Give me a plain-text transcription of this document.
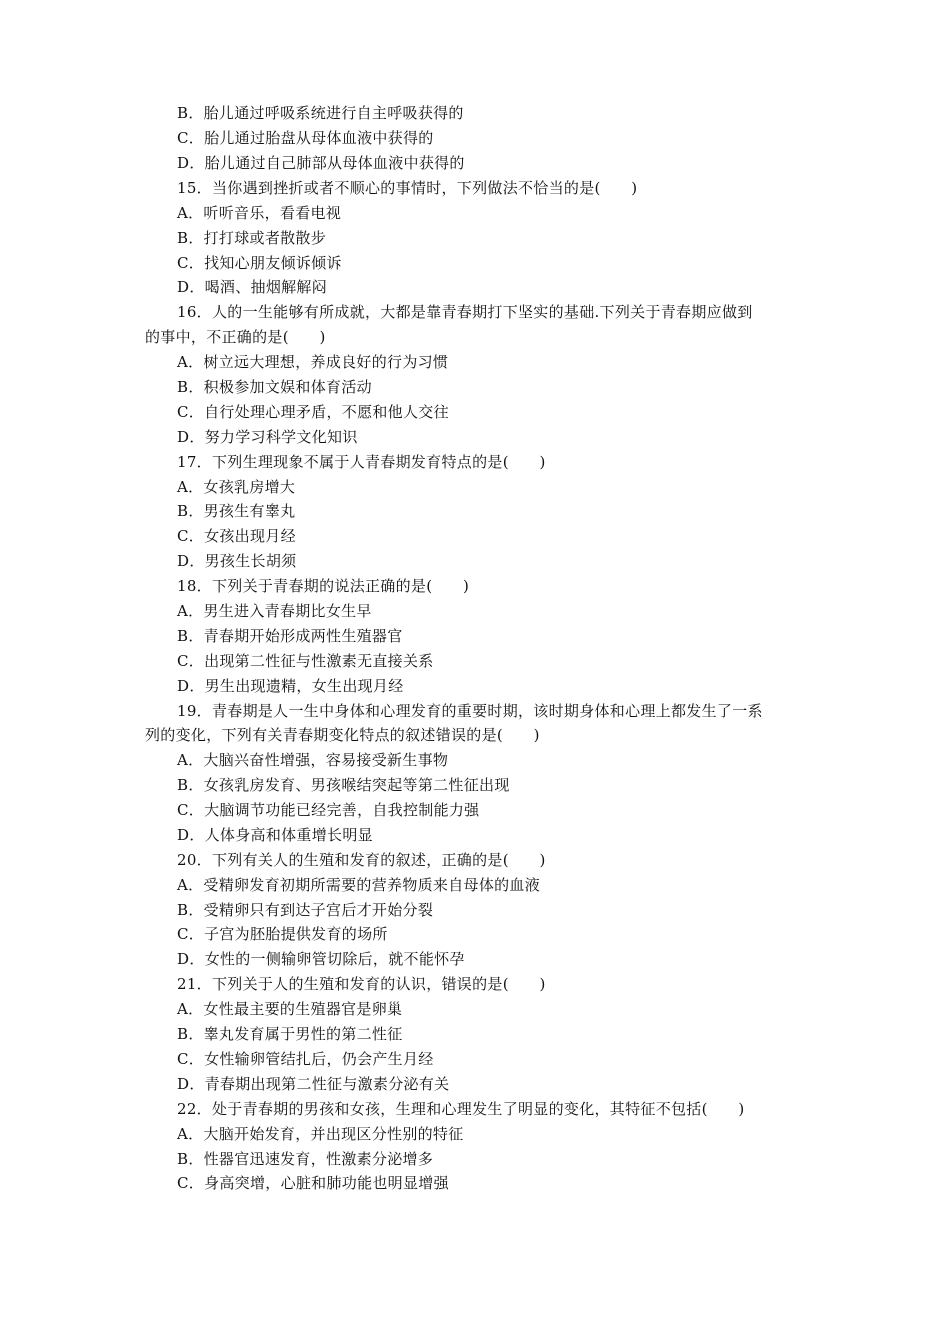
B．胎儿通过呼吸系统进行自主呼吸获得的
C．胎儿通过胎盘从母体血液中获得的
D．胎儿通过自己肺部从母体血液中获得的
15．当你遇到挫折或者不顺心的事情时，下列做法不恰当的是(　　)
A．听听音乐，看看电视
B．打打球或者散散步
C．找知心朋友倾诉倾诉
D．喝酒、抽烟解解闷
16．人的一生能够有所成就，大都是靠青春期打下坚实的基础.下列关于青春期应做到
的事中，不正确的是(　　)
A．树立远大理想，养成良好的行为习惯
B．积极参加文娱和体育活动
C．自行处理心理矛盾，不愿和他人交往
D．努力学习科学文化知识
17．下列生理现象不属于人青春期发育特点的是(　　)
A．女孩乳房增大
B．男孩生有睾丸
C．女孩出现月经
D．男孩生长胡须
18．下列关于青春期的说法正确的是(　　)
A．男生进入青春期比女生早
B．青春期开始形成两性生殖器官
C．出现第二性征与性激素无直接关系
D．男生出现遗精，女生出现月经
19．青春期是人一生中身体和心理发育的重要时期，该时期身体和心理上都发生了一系
列的变化，下列有关青春期变化特点的叙述错误的是(　　)
A．大脑兴奋性增强，容易接受新生事物
B．女孩乳房发育、男孩喉结突起等第二性征出现
C．大脑调节功能已经完善，自我控制能力强
D．人体身高和体重增长明显
20．下列有关人的生殖和发育的叙述，正确的是(　　)
A．受精卵发育初期所需要的营养物质来自母体的血液
B．受精卵只有到达子宫后才开始分裂
C．子宫为胚胎提供发育的场所
D．女性的一侧输卵管切除后，就不能怀孕
21．下列关于人的生殖和发育的认识，错误的是(　　)
A．女性最主要的生殖器官是卵巢
B．睾丸发育属于男性的第二性征
C．女性输卵管结扎后，仍会产生月经
D．青春期出现第二性征与激素分泌有关
22．处于青春期的男孩和女孩，生理和心理发生了明显的变化，其特征不包括(　　)
A．大脑开始发育，并出现区分性别的特征
B．性器官迅速发育，性激素分泌增多
C．身高突增，心脏和肺功能也明显增强
